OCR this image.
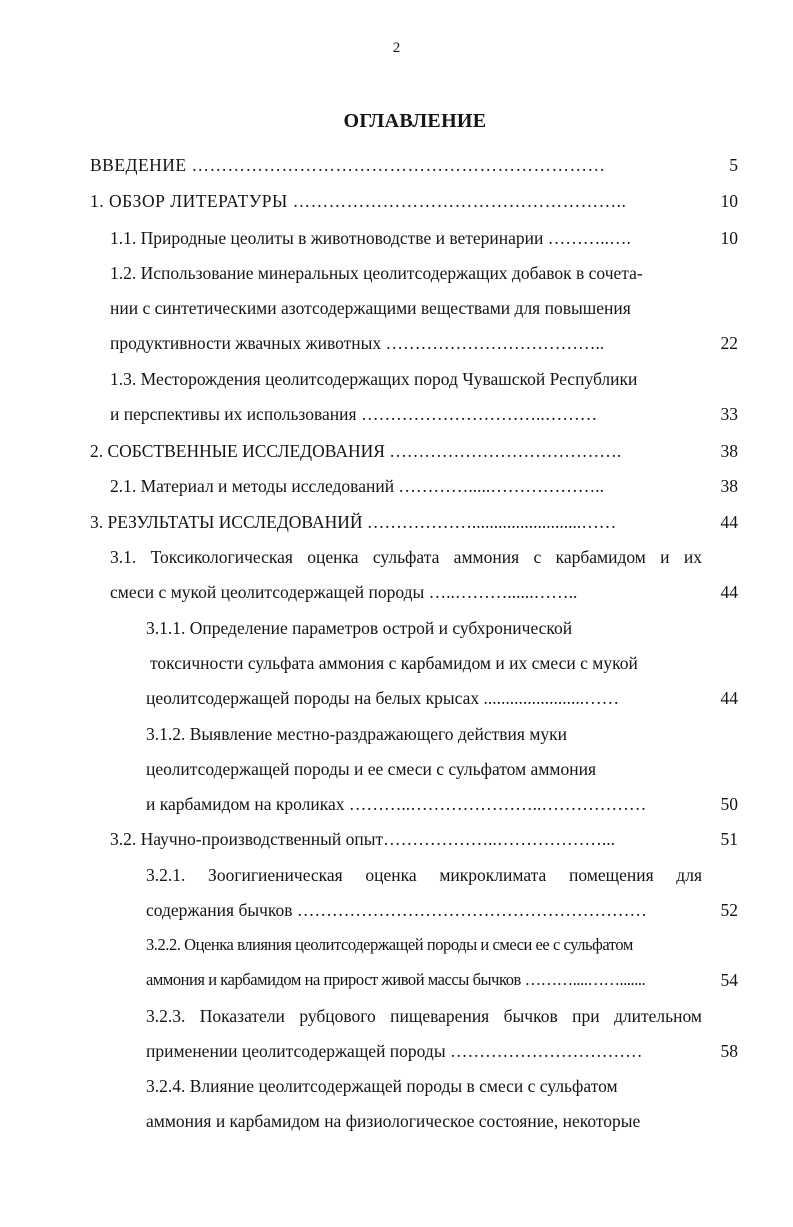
2
ОГЛАВЛЕНИЕ
ВВЕДЕНИЕ ……………………………………………………………	5
1. ОБЗОР ЛИТЕРАТУРЫ ………………………………………………..	10
1.1. Природные цеолиты в животноводстве и ветеринарии ………..….	10
1.2. Использование минеральных цеолитсодержащих добавок в сочета-
нии с синтетическими азотсодержащими веществами для повышения
продуктивности жвачных животных ………………………………..	22
1.3. Месторождения цеолитсодержащих пород Чувашской Республики
и перспективы их использования …………………………..………	33
2. СОБСТВЕННЫЕ ИССЛЕДОВАНИЯ ………………………………….	38
2.1. Материал и методы исследований ………….....………………..	38
3. РЕЗУЛЬТАТЫ ИССЛЕДОВАНИЙ ……………….........................……	44
3.1. Токсикологическая оценка сульфата аммония с карбамидом и их
смеси с мукой цеолитсодержащей породы …..………......……..	44
3.1.1. Определение параметров острой и субхронической
токсичности сульфата аммония с карбамидом и их смеси с мукой
цеолитсодержащей породы на белых крысах .......................……	44
3.1.2. Выявление местно-раздражающего действия муки
цеолитсодержащей породы и ее смеси с сульфатом аммония
и карбамидом на кроликах ………..…………………..………………	50
3.2. Научно-производственный опыт………………..………………...	51
3.2.1. Зоогигиеническая оценка микроклимата помещения для
содержания бычков ……………………………………………………	52
3.2.2. Оценка влияния цеолитсодержащей породы и смеси ее с сульфатом
аммония и карбамидом на прирост живой массы бычков ………....…….......	54
3.2.3. Показатели рубцового пищеварения бычков при длительном
применении цеолитсодержащей породы ……………………………	58
3.2.4. Влияние цеолитсодержащей породы в смеси с сульфатом
аммония и карбамидом на физиологическое состояние, некоторые
